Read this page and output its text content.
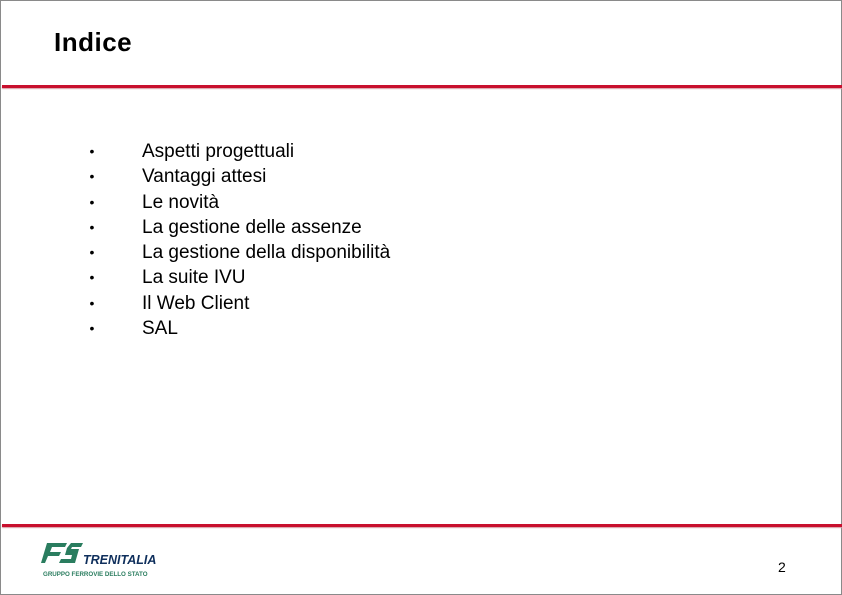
Indice
•	Aspetti progettuali
•	Vantaggi attesi
•	Le novità
•	La gestione delle assenze
•	La gestione della disponibilità
•	La suite IVU
•	Il Web Client
•	SAL
TRENITALIA
GRUPPO FERROVIE DELLO STATO	2
